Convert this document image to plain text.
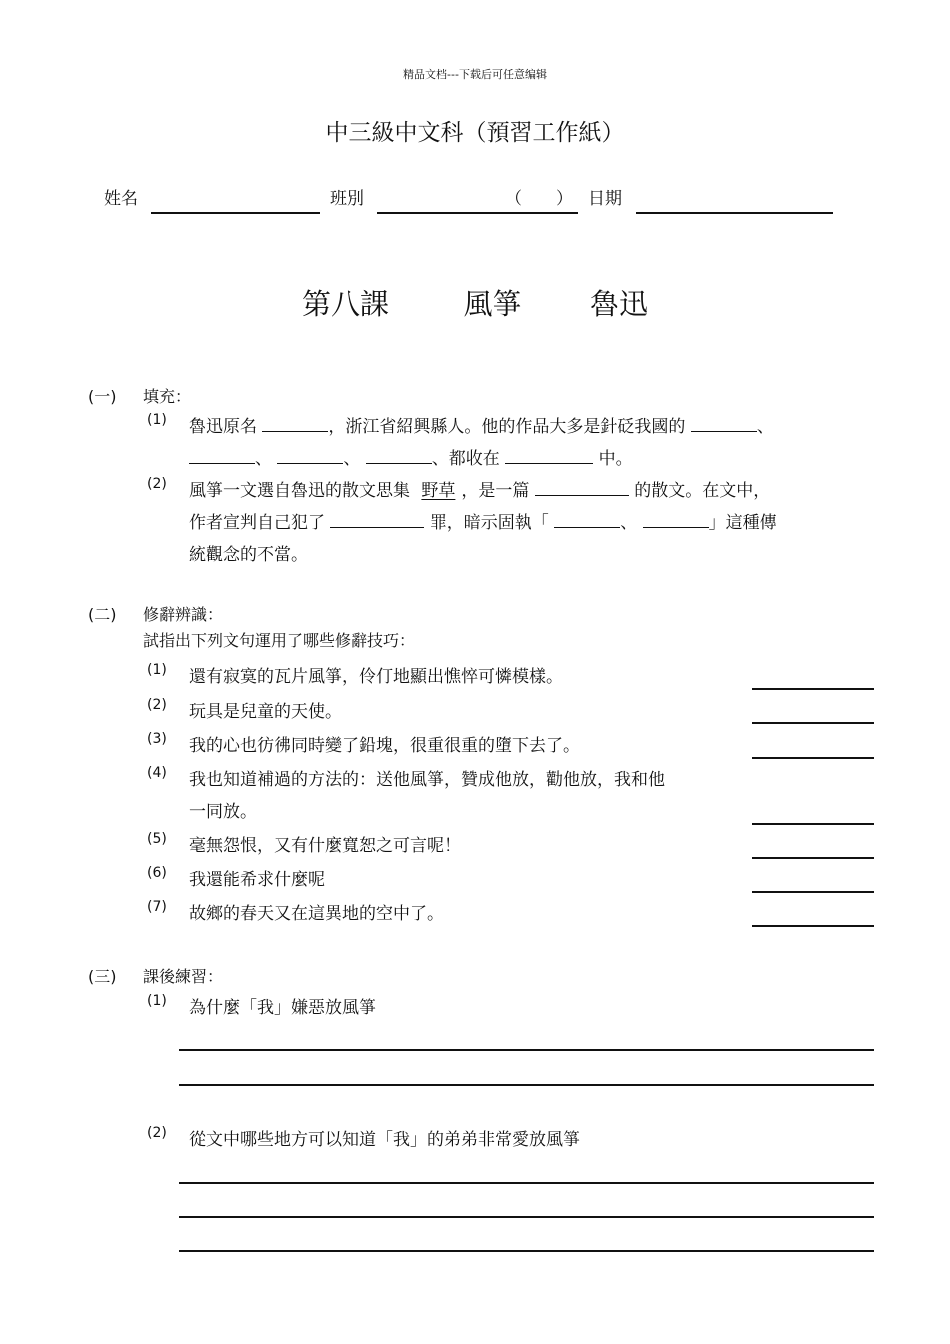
精品文档---下载后可任意编辑
中三級中文科（預習工作紙）
姓名	班別	（　　） 日期
第八課	風箏 魯迅
(一) 填充：
(1) 魯迅原名	，浙江省紹興縣人。他的作品大多是針砭我國的	、
、	、	、都收在	中。
(2) 風箏一文選自魯迅的散文思集 野草 ，是一篇	的散文。在文中，
作者宣判自己犯了	罪，暗示固執「	、	」這種傳
統觀念的不當。
(二) 修辭辨識：
試指出下列文句運用了哪些修辭技巧：
(1) 還有寂寞的瓦片風箏，伶仃地顯出憔悴可憐模樣。
(2) 玩具是兒童的天使。
(3) 我的心也彷彿同時變了鉛塊，很重很重的墮下去了。
(4) 我也知道補過的方法的：送他風箏，贊成他放，勸他放，我和他
一同放。
(5) 毫無怨恨，又有什麼寬恕之可言呢！
(6) 我還能希求什麼呢
(7) 故鄉的春天又在這異地的空中了。
(三) 課後練習：
(1) 為什麼「我」嫌惡放風箏
(2) 從文中哪些地方可以知道「我」的弟弟非常愛放風箏
